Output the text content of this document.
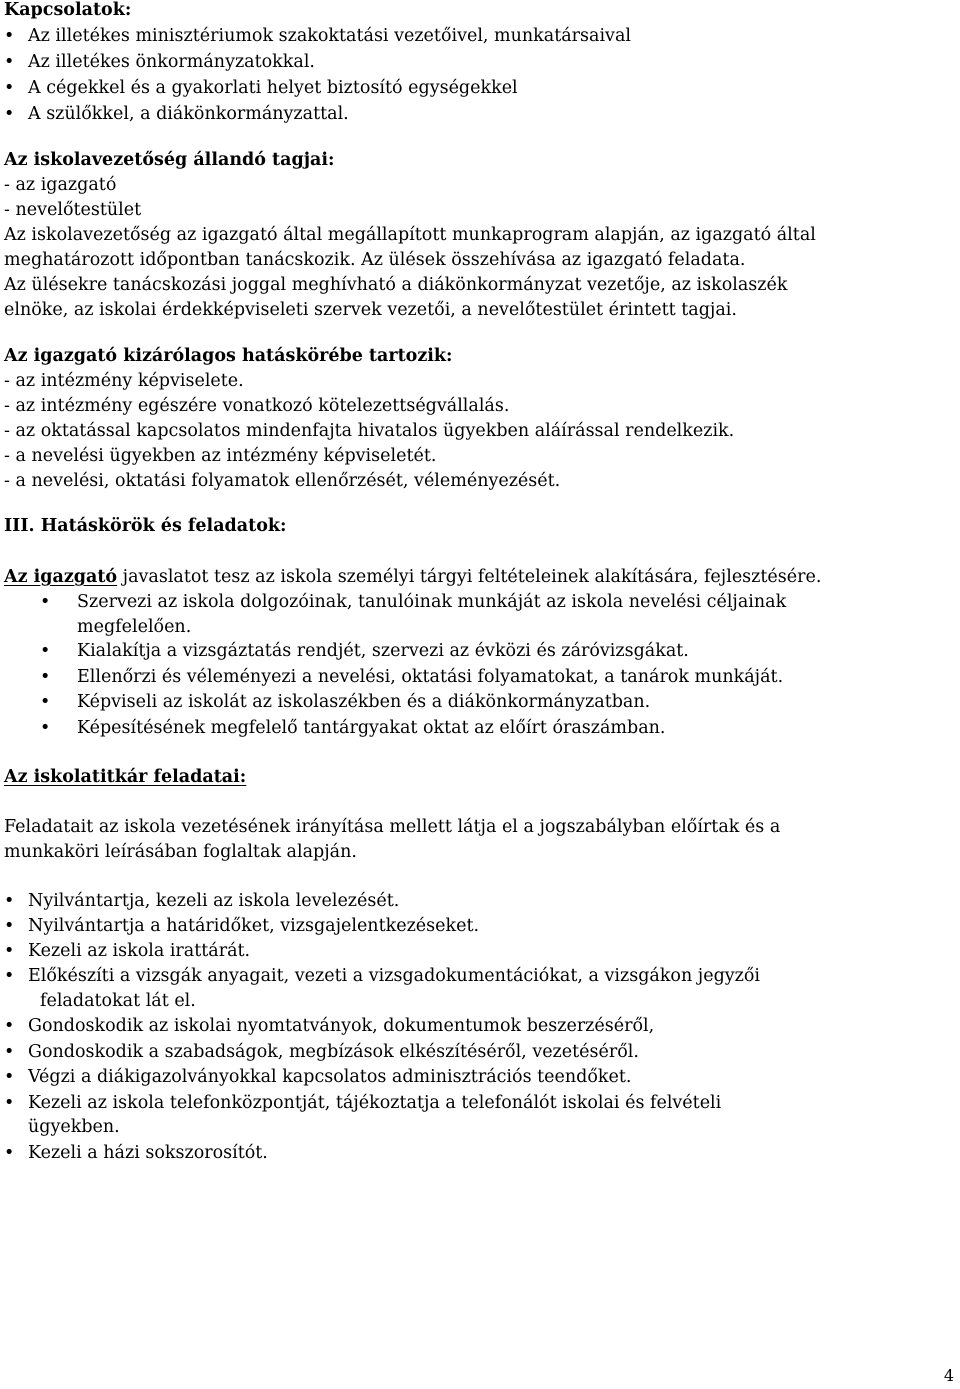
Kapcsolatok:
• Az illetékes minisztériumok szakoktatási vezetőivel, munkatársaival
• Az illetékes önkormányzatokkal.
• A cégekkel és a gyakorlati helyet biztosító egységekkel
• A szülőkkel, a diákönkormányzattal.
Az iskolavezetőség állandó tagjai:
- az igazgató
- nevelőtestület
Az iskolavezetőség az igazgató által megállapított munkaprogram alapján, az igazgató által
meghatározott időpontban tanácskozik. Az ülések összehívása az igazgató feladata.
Az ülésekre tanácskozási joggal meghívható a diákönkormányzat vezetője, az iskolaszék
elnöke, az iskolai érdekképviseleti szervek vezetői, a nevelőtestület érintett tagjai.
Az igazgató kizárólagos hatáskörébe tartozik:
- az intézmény képviselete.
- az intézmény egészére vonatkozó kötelezettségvállalás.
- az oktatással kapcsolatos mindenfajta hivatalos ügyekben aláírással rendelkezik.
- a nevelési ügyekben az intézmény képviseletét.
- a nevelési, oktatási folyamatok ellenőrzését, véleményezését.
III. Hatáskörök és feladatok:
Az igazgató javaslatot tesz az iskola személyi tárgyi feltételeinek alakítására, fejlesztésére.
• Szervezi az iskola dolgozóinak, tanulóinak munkáját az iskola nevelési céljainak
megfelelően.
• Kialakítja a vizsgáztatás rendjét, szervezi az évközi és záróvizsgákat.
• Ellenőrzi és véleményezi a nevelési, oktatási folyamatokat, a tanárok munkáját.
• Képviseli az iskolát az iskolaszékben és a diákönkormányzatban.
• Képesítésének megfelelő tantárgyakat oktat az előírt óraszámban.
Az iskolatitkár feladatai:
Feladatait az iskola vezetésének irányítása mellett látja el a jogszabályban előírtak és a
munkaköri leírásában foglaltak alapján.
• Nyilvántartja, kezeli az iskola levelezését.
• Nyilvántartja a határidőket, vizsgajelentkezéseket.
• Kezeli az iskola irattárát.
• Előkészíti a vizsgák anyagait, vezeti a vizsgadokumentációkat, a vizsgákon jegyzői
feladatokat lát el.
• Gondoskodik az iskolai nyomtatványok, dokumentumok beszerzéséről,
• Gondoskodik a szabadságok, megbízások elkészítéséről, vezetéséről.
• Végzi a diákigazolványokkal kapcsolatos adminisztrációs teendőket.
• Kezeli az iskola telefonközpontját, tájékoztatja a telefonálót iskolai és felvételi
ügyekben.
• Kezeli a házi sokszorosítót.
4
